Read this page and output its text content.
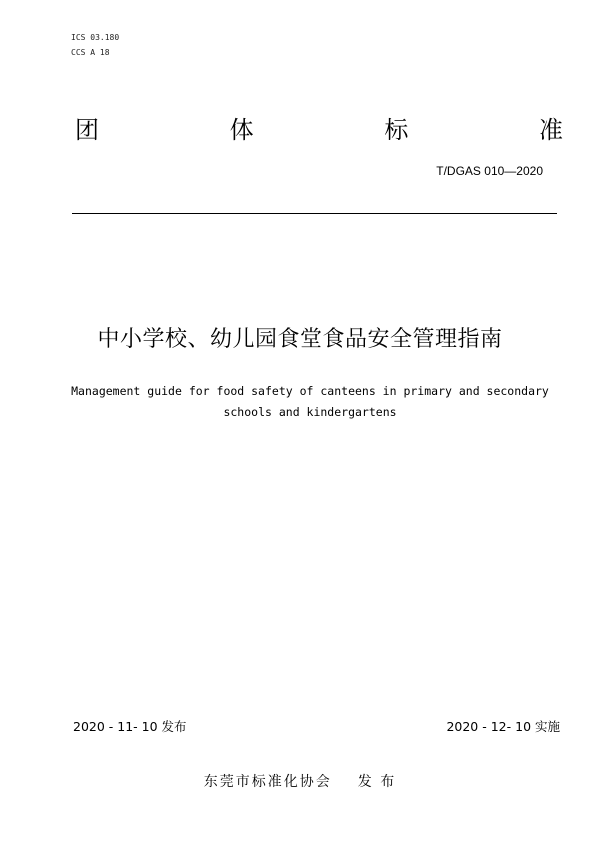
ICS 03.180
CCS A 18
团	体	标	准
T/DGAS 010—2020
中小学校、幼儿园食堂食品安全管理指南
Management guide for food safety of canteens in primary and secondary
schools and kindergartens
2020 - 11- 10 发布	2020 - 12- 10 实施
东莞市标准化协会 发 布
